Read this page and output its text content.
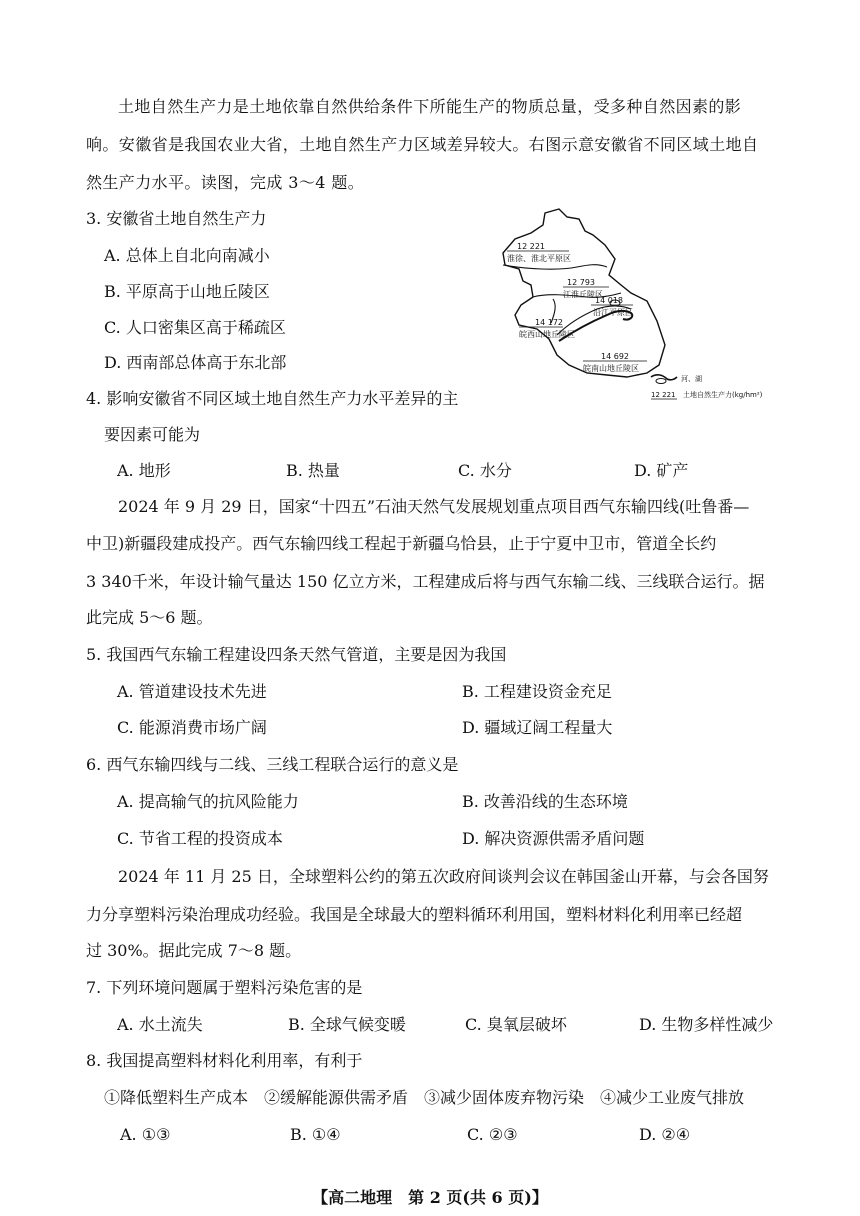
土地自然生产力是土地依靠自然供给条件下所能生产的物质总量，受多种自然因素的影
响。安徽省是我国农业大省，土地自然生产力区域差异较大。右图示意安徽省不同区域土地自
然生产力水平。读图，完成 3～4 题。
3. 安徽省土地自然生产力
A. 总体上自北向南减小
B. 平原高于山地丘陵区
C. 人口密集区高于稀疏区
D. 西南部总体高于东北部
12 221
淮徐、淮北平原区
12 793
江淮丘陵区
14 018
沿江平原区
14 172
皖西山地丘陵区
14 692
皖南山地丘陵区
河、湖
12 221 土地自然生产力(kg/hm²)
4. 影响安徽省不同区域土地自然生产力水平差异的主
要因素可能为
A. 地形	B. 热量	C. 水分	D. 矿产
2024 年 9 月 29 日，国家“十四五”石油天然气发展规划重点项目西气东输四线(吐鲁番—
中卫)新疆段建成投产。西气东输四线工程起于新疆乌恰县，止于宁夏中卫市，管道全长约
3 340千米，年设计输气量达 150 亿立方米，工程建成后将与西气东输二线、三线联合运行。据
此完成 5～6 题。
5. 我国西气东输工程建设四条天然气管道，主要是因为我国
A. 管道建设技术先进	B. 工程建设资金充足
C. 能源消费市场广阔	D. 疆域辽阔工程量大
6. 西气东输四线与二线、三线工程联合运行的意义是
A. 提高输气的抗风险能力	B. 改善沿线的生态环境
C. 节省工程的投资成本	D. 解决资源供需矛盾问题
2024 年 11 月 25 日，全球塑料公约的第五次政府间谈判会议在韩国釜山开幕，与会各国努
力分享塑料污染治理成功经验。我国是全球最大的塑料循环利用国，塑料材料化利用率已经超
过 30%。据此完成 7～8 题。
7. 下列环境问题属于塑料污染危害的是
A. 水土流失	B. 全球气候变暖	C. 臭氧层破坏	D. 生物多样性减少
8. 我国提高塑料材料化利用率，有利于
①降低塑料生产成本　②缓解能源供需矛盾　③减少固体废弃物污染　④减少工业废气排放
A. ①③	B. ①④	C. ②③	D. ②④
【高二地理　第 2 页(共 6 页)】
